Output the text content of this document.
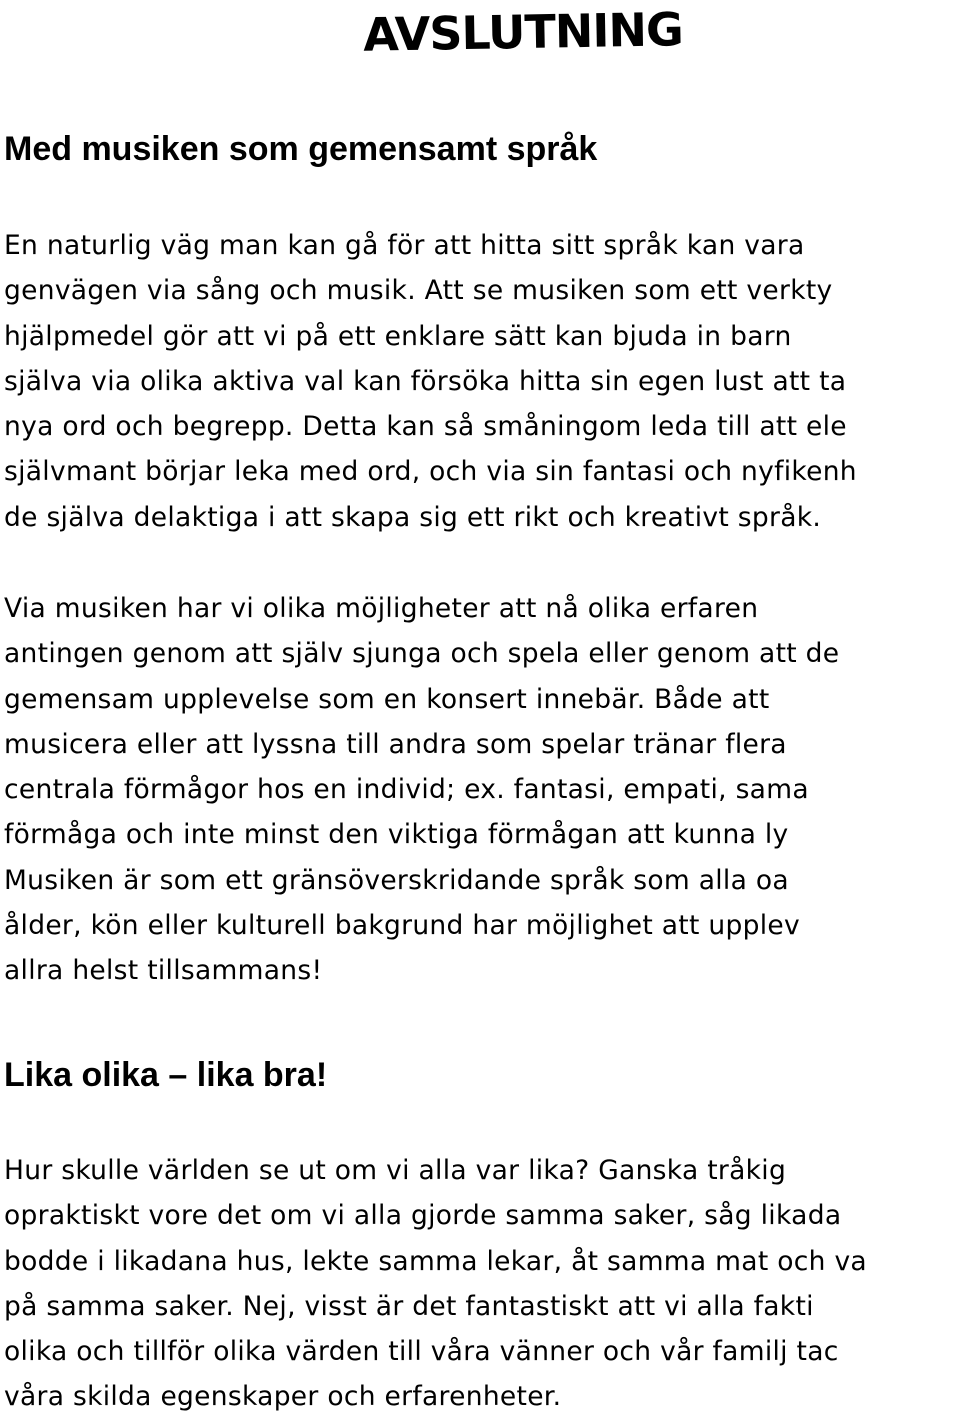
AVSLUTNING
Med musiken som gemensamt språk
En naturlig väg man kan gå för att hitta sitt språk kan vara
genvägen via sång och musik. Att se musiken som ett verkty
hjälpmedel gör att vi på ett enklare sätt kan bjuda in barn
själva via olika aktiva val kan försöka hitta sin egen lust att ta
nya ord och begrepp. Detta kan så småningom leda till att ele
självmant börjar leka med ord, och via sin fantasi och nyfikenh
de själva delaktiga i att skapa sig ett rikt och kreativt språk.
Via musiken har vi olika möjligheter att nå olika erfaren
antingen genom att själv sjunga och spela eller genom att de
gemensam upplevelse som en konsert innebär. Både att
musicera eller att lyssna till andra som spelar tränar flera
centrala förmågor hos en individ; ex. fantasi, empati, sama
förmåga och inte minst den viktiga förmågan att kunna ly
Musiken är som ett gränsöverskridande språk som alla oa
ålder, kön eller kulturell bakgrund har möjlighet att upplev
allra helst tillsammans!
Lika olika – lika bra!
Hur skulle världen se ut om vi alla var lika? Ganska tråkig
opraktiskt vore det om vi alla gjorde samma saker, såg likada
bodde i likadana hus, lekte samma lekar, åt samma mat och va
på samma saker. Nej, visst är det fantastiskt att vi alla fakti
olika och tillför olika värden till våra vänner och vår familj tac
våra skilda egenskaper och erfarenheter.
